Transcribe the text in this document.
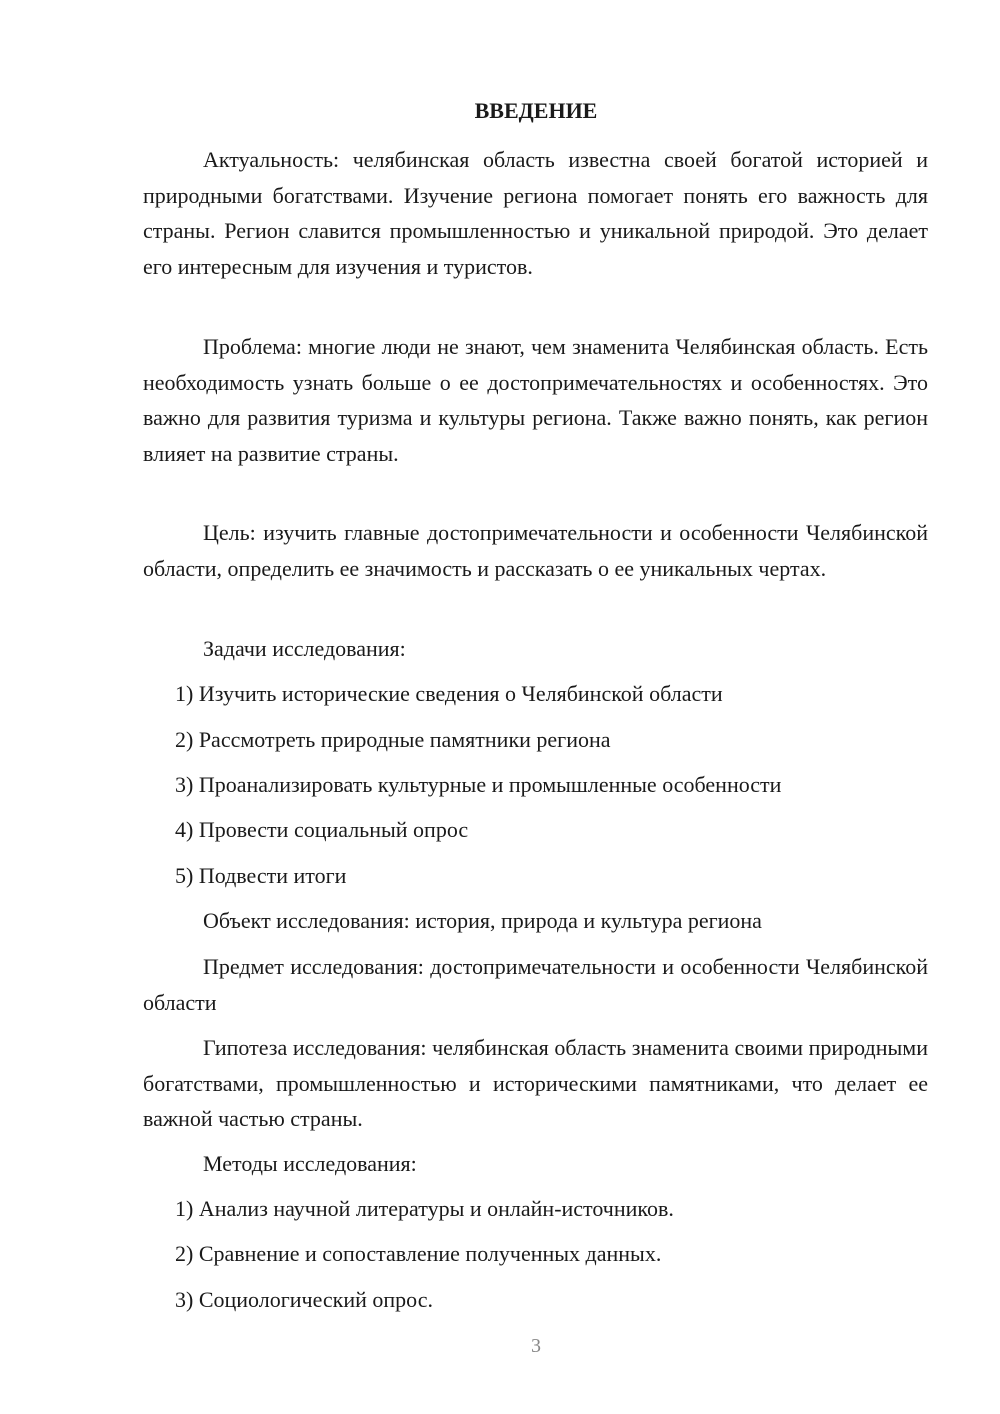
ВВЕДЕНИЕ

Актуальность: челябинская область известна своей богатой историей и природными богатствами. Изучение региона помогает понять его важность для страны. Регион славится промышленностью и уникальной природой. Это делает его интересным для изучения и туристов.

Проблема: многие люди не знают, чем знаменита Челябинская область. Есть необходимость узнать больше о ее достопримечательностях и особенностях. Это важно для развития туризма и культуры региона. Также важно понять, как регион влияет на развитие страны.

Цель: изучить главные достопримечательности и особенности Челябинской области, определить ее значимость и рассказать о ее уникальных чертах.

Задачи исследования:
1) Изучить исторические сведения о Челябинской области
2) Рассмотреть природные памятники региона
3) Проанализировать культурные и промышленные особенности
4) Провести социальный опрос
5) Подвести итоги
Объект исследования: история, природа и культура региона

Предмет исследования: достопримечательности и особенности Челябинской области

Гипотеза исследования: челябинская область знаменита своими природными богатствами, промышленностью и историческими памятниками, что делает ее важной частью страны.

Методы исследования:
1) Анализ научной литературы и онлайн-источников.
2) Сравнение и сопоставление полученных данных.
3) Социологический опрос.
3
